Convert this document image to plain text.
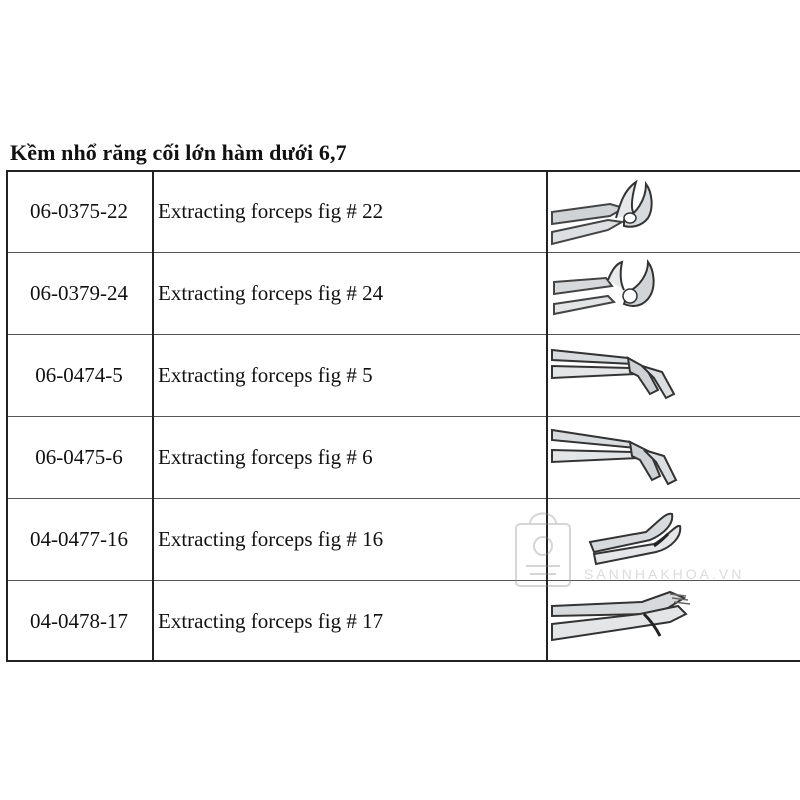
Kềm nhổ răng cối lớn hàm dưới 6,7
06-0375-22	Extracting forceps fig # 22
06-0379-24	Extracting forceps fig # 24
06-0474-5	Extracting forceps fig # 5
06-0475-6	Extracting forceps fig # 6
04-0477-16	Extracting forceps fig # 16
04-0478-17	Extracting forceps fig # 17
SANNHAKHOA.VN
